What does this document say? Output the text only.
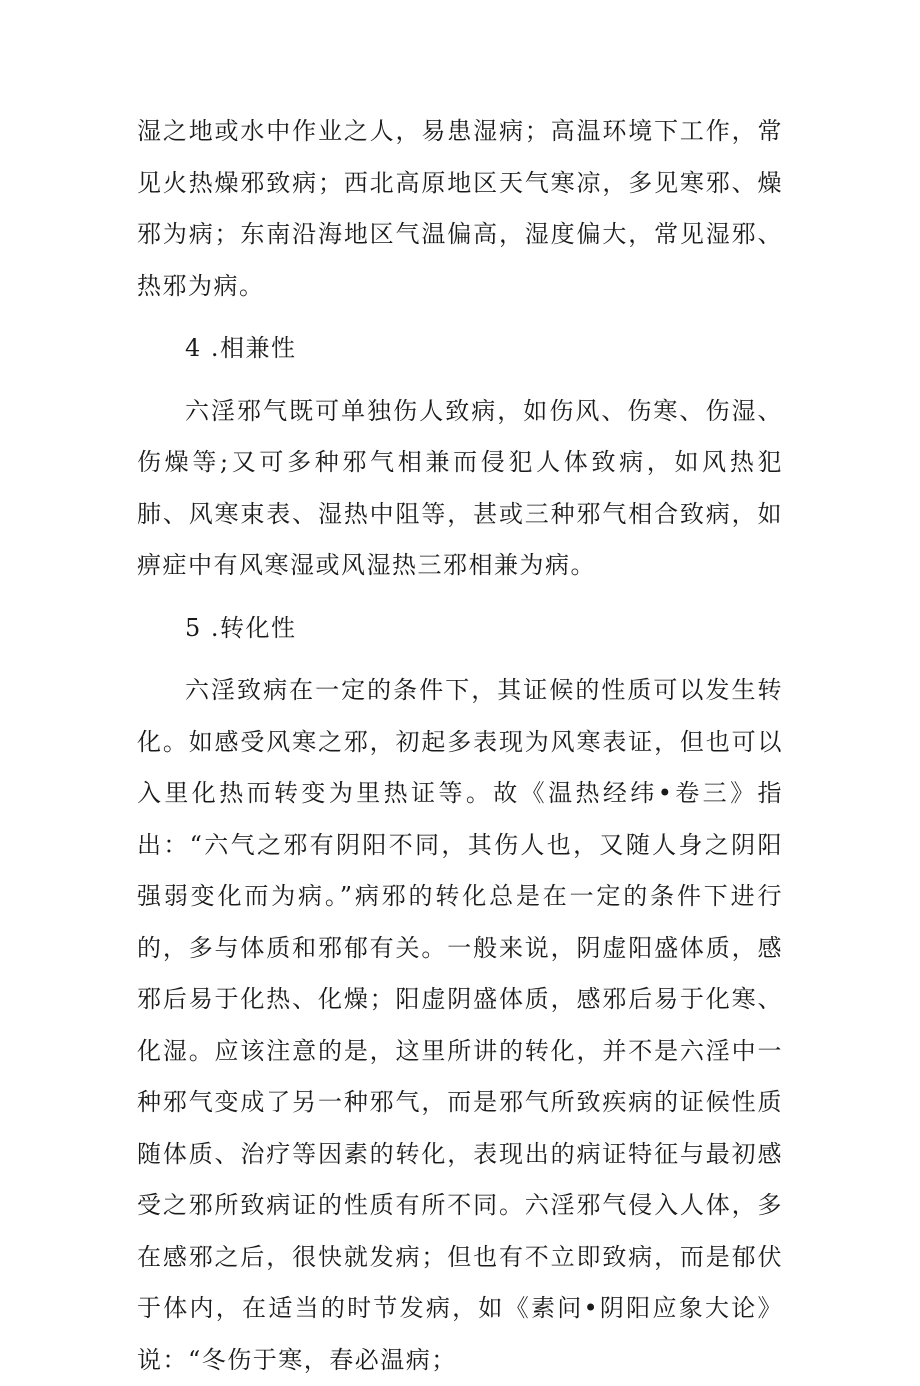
湿之地或水中作业之人，易患湿病；高温环境下工作，常见火热燥邪致病；西北高原地区天气寒凉，多见寒邪、燥邪为病；东南沿海地区气温偏高，湿度偏大，常见湿邪、热邪为病。

4 .相兼性

六淫邪气既可单独伤人致病，如伤风、伤寒、伤湿、伤燥等;又可多种邪气相兼而侵犯人体致病，如风热犯肺、风寒束表、湿热中阻等，甚或三种邪气相合致病，如痹症中有风寒湿或风湿热三邪相兼为病。

5 .转化性

六淫致病在一定的条件下，其证候的性质可以发生转化。如感受风寒之邪，初起多表现为风寒表证，但也可以入里化热而转变为里热证等。故《温热经纬•卷三》指出：“六气之邪有阴阳不同，其伤人也，又随人身之阴阳强弱变化而为病。”病邪的转化总是在一定的条件下进行的，多与体质和邪郁有关。一般来说，阴虚阳盛体质，感邪后易于化热、化燥；阳虚阴盛体质，感邪后易于化寒、化湿。应该注意的是，这里所讲的转化，并不是六淫中一种邪气变成了另一种邪气，而是邪气所致疾病的证候性质随体质、治疗等因素的转化，表现出的病证特征与最初感受之邪所致病证的性质有所不同。六淫邪气侵入人体，多在感邪之后，很快就发病；但也有不立即致病，而是郁伏于体内，在适当的时节发病，如《素问•阴阳应象大论》说：“冬伤于寒，春必温病；
